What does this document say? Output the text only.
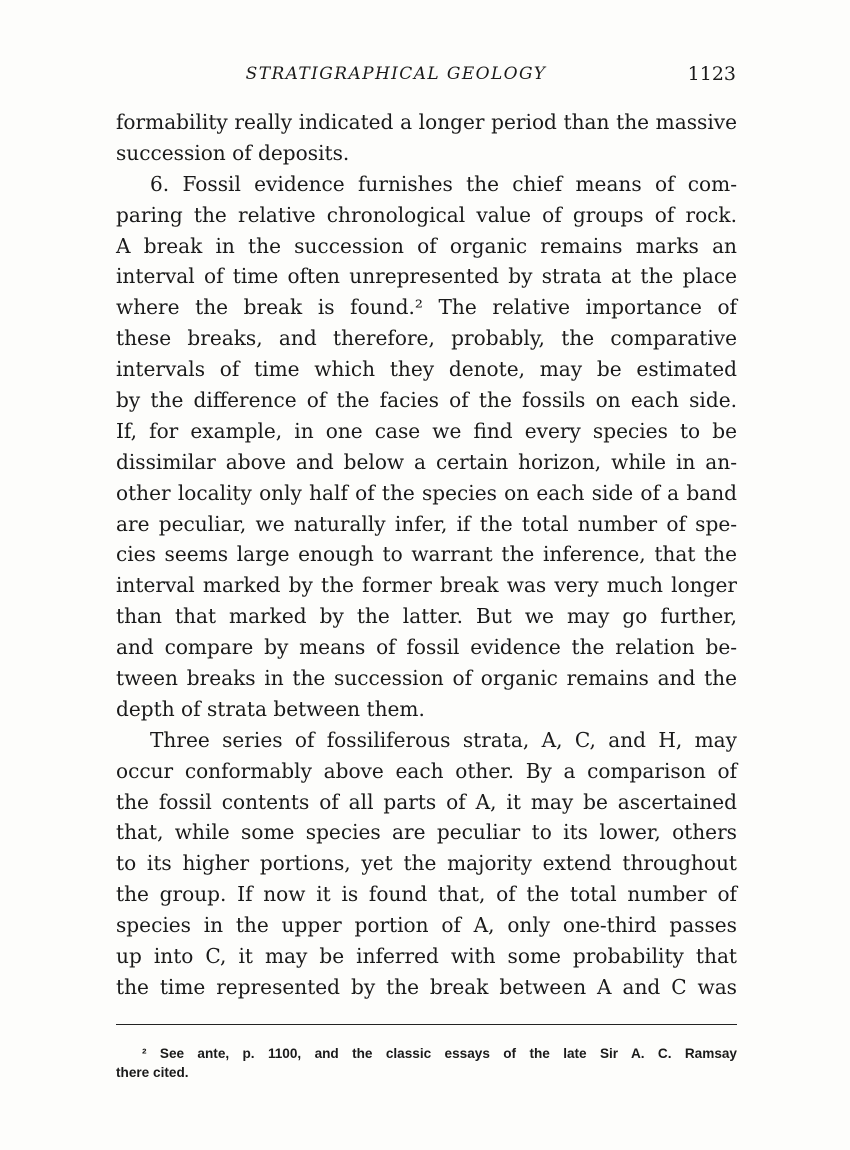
STRATIGRAPHICAL GEOLOGY	1123
formability really indicated a longer period than the massive
succession of deposits.
6. Fossil evidence furnishes the chief means of com-
paring the relative chronological value of groups of rock.
A break in the succession of organic remains marks an
interval of time often unrepresented by strata at the place
where the break is found.² The relative importance of
these breaks, and therefore, probably, the comparative
intervals of time which they denote, may be estimated
by the difference of the facies of the fossils on each side.
If, for example, in one case we find every species to be
dissimilar above and below a certain horizon, while in an-
other locality only half of the species on each side of a band
are peculiar, we naturally infer, if the total number of spe-
cies seems large enough to warrant the inference, that the
interval marked by the former break was very much longer
than that marked by the latter. But we may go further,
and compare by means of fossil evidence the relation be-
tween breaks in the succession of organic remains and the
depth of strata between them.
Three series of fossiliferous strata, A, C, and H, may
occur conformably above each other. By a comparison of
the fossil contents of all parts of A, it may be ascertained
that, while some species are peculiar to its lower, others
to its higher portions, yet the majority extend throughout
the group. If now it is found that, of the total number of
species in the upper portion of A, only one-third passes
up into C, it may be inferred with some probability that
the time represented by the break between A and C was
² See ante, p. 1100, and the classic essays of the late Sir A. C. Ramsay
there cited.
